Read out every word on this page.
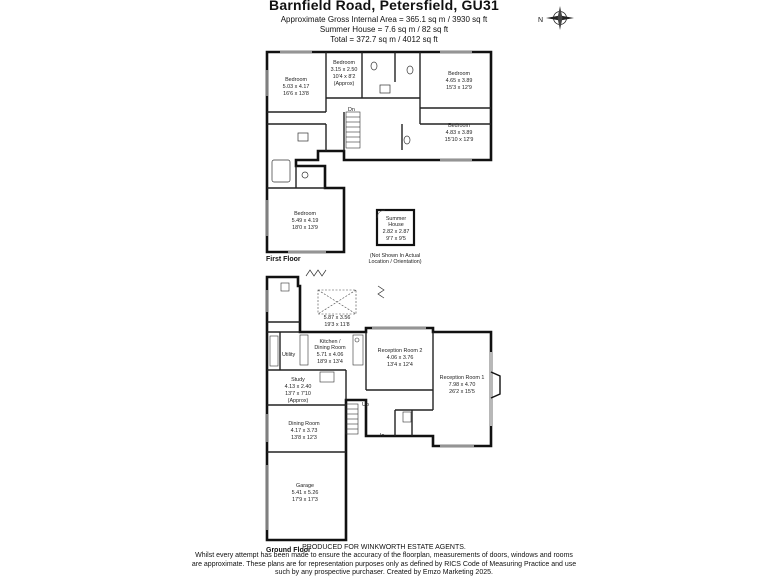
Barnfield Road, Petersfield, GU31
Approximate Gross Internal Area = 365.1 sq m / 3930 sq ft
Summer House = 7.6 sq m / 82 sq ft
Total = 372.7 sq m / 4012 sq ft
N
Bedroom
5.03 x 4.17
16'6 x 13'8
Bedroom
3.15 x 2.50
10'4 x 8'2
(Approx)
Bedroom
4.65 x 3.89
15'3 x 12'9
Bedroom
4.83 x 3.89
15'10 x 12'9
Bedroom
5.49 x 4.19
18'0 x 13'9
Dn
First Floor
Summer
House
2.82 x 2.87
9'7 x 9'5
(Not Shown In Actual
Location / Orientation)
5.87 x 3.56
19'3 x 11'8
Kitchen /
Dining Room
5.71 x 4.06
18'9 x 13'4
Utility
Reception Room 2
4.06 x 3.76
13'4 x 12'4
Reception Room 1
7.98 x 4.70
26'2 x 15'5
Study
4.13 x 2.40
13'7 x 7'10
(Approx)
Dining Room
4.17 x 3.73
13'8 x 12'3
Garage
5.41 x 5.26
17'9 x 17'3
Up
In
Ground Floor
PRODUCED FOR WINKWORTH ESTATE AGENTS.
Whilst every attempt has been made to ensure the accuracy of the floorplan, measurements of doors, windows and rooms
are approximate. These plans are for representation purposes only as defined by RICS Code of Measuring Practice and use
such by any prospective purchaser. Created by Emzo Marketing 2025.
